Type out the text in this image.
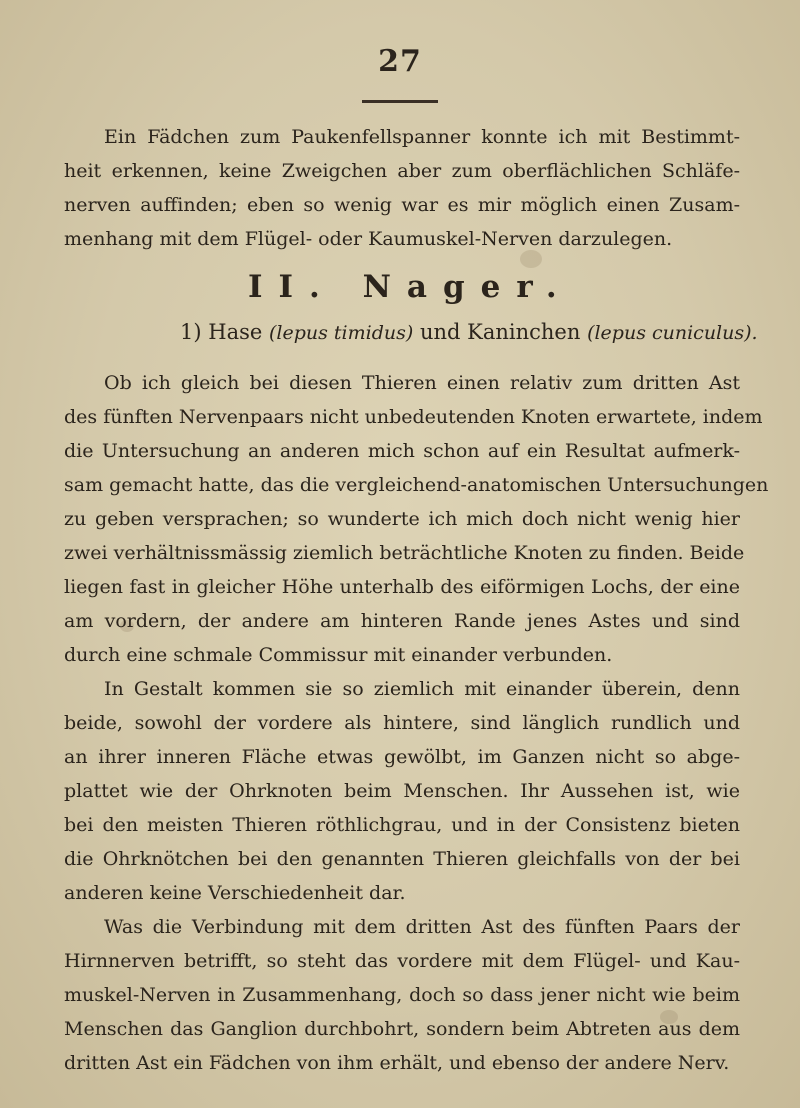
27
Ein Fädchen zum Paukenfellspanner konnte ich mit Bestimmt-
heit erkennen, keine Zweigchen aber zum oberflächlichen Schläfe-
nerven auffinden; eben so wenig war es mir möglich einen Zusam-
menhang mit dem Flügel- oder Kaumuskel-Nerven darzulegen.
II. Nager.
1) Hase (lepus timidus) und Kaninchen (lepus cuniculus).
Ob ich gleich bei diesen Thieren einen relativ zum dritten Ast
des fünften Nervenpaars nicht unbedeutenden Knoten erwartete, indem
die Untersuchung an anderen mich schon auf ein Resultat aufmerk-
sam gemacht hatte, das die vergleichend-anatomischen Untersuchungen
zu geben versprachen; so wunderte ich mich doch nicht wenig hier
zwei verhältnissmässig ziemlich beträchtliche Knoten zu finden. Beide
liegen fast in gleicher Höhe unterhalb des eiförmigen Lochs, der eine
am vordern, der andere am hinteren Rande jenes Astes und sind
durch eine schmale Commissur mit einander verbunden.
In Gestalt kommen sie so ziemlich mit einander überein, denn
beide, sowohl der vordere als hintere, sind länglich rundlich und
an ihrer inneren Fläche etwas gewölbt, im Ganzen nicht so abge-
plattet wie der Ohrknoten beim Menschen. Ihr Aussehen ist, wie
bei den meisten Thieren röthlichgrau, und in der Consistenz bieten
die Ohrknötchen bei den genannten Thieren gleichfalls von der bei
anderen keine Verschiedenheit dar.
Was die Verbindung mit dem dritten Ast des fünften Paars der
Hirnnerven betrifft, so steht das vordere mit dem Flügel- und Kau-
muskel-Nerven in Zusammenhang, doch so dass jener nicht wie beim
Menschen das Ganglion durchbohrt, sondern beim Abtreten aus dem
dritten Ast ein Fädchen von ihm erhält, und ebenso der andere Nerv.
